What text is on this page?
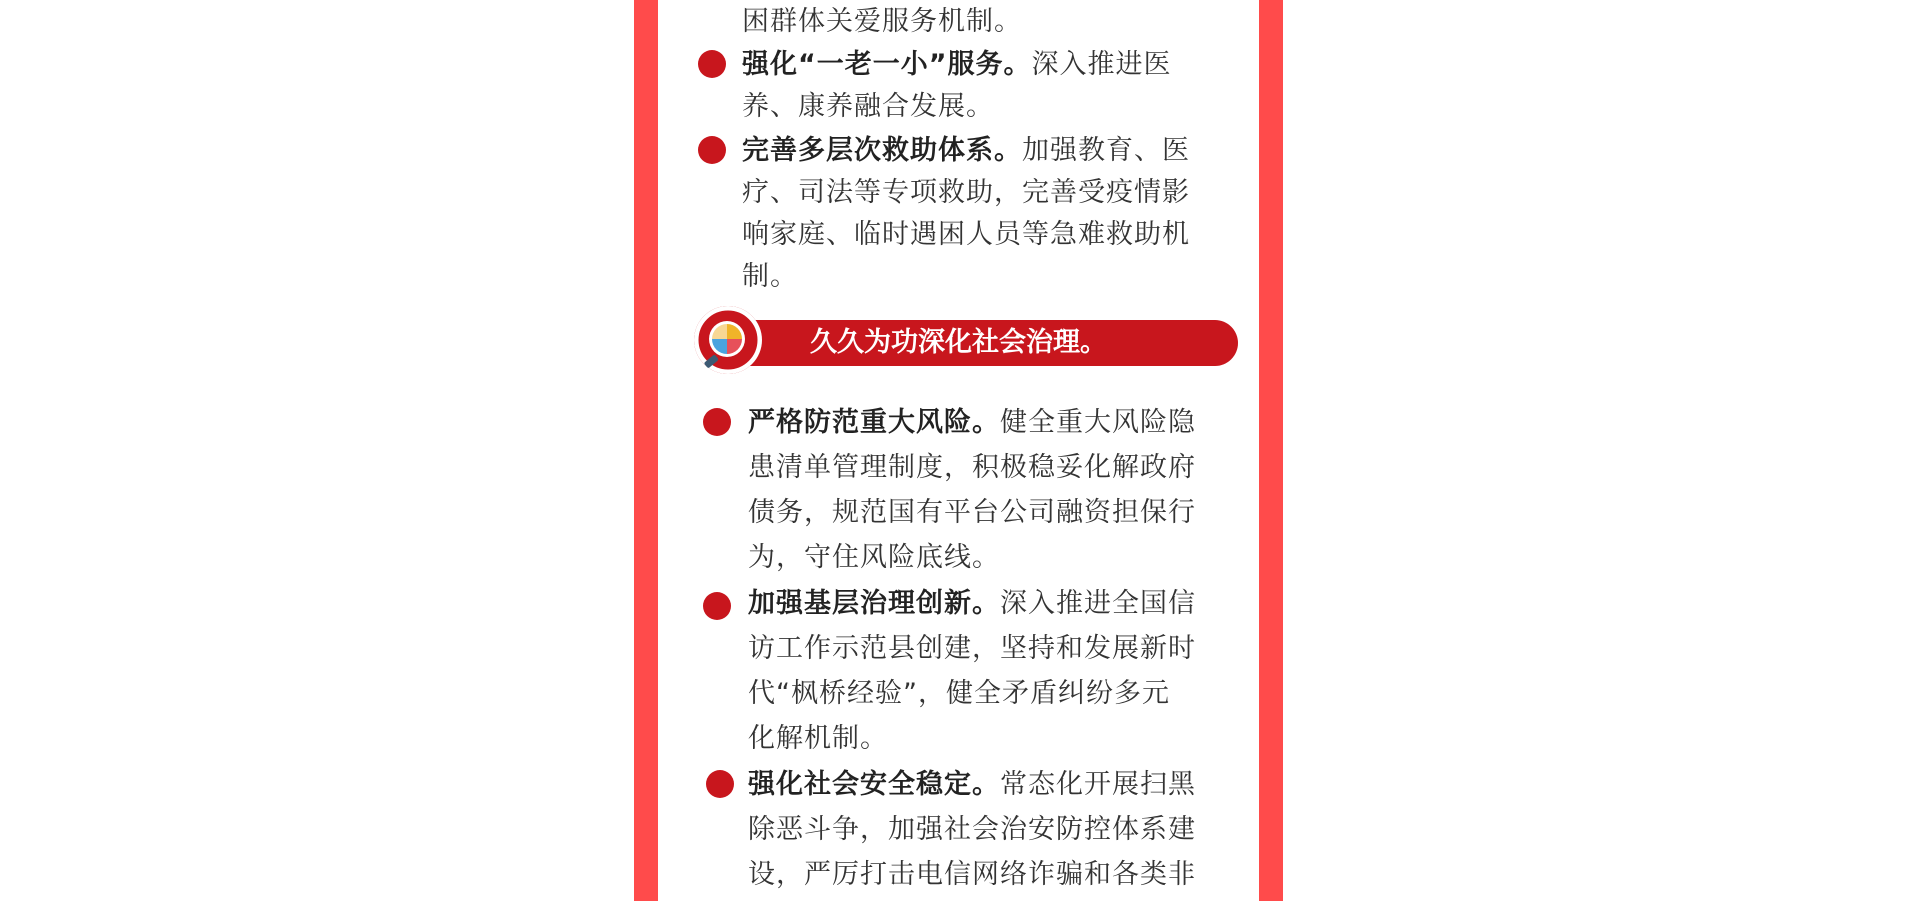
困群体关爱服务机制。
强化“一老一小”服务。深入推进医
养、康养融合发展。
完善多层次救助体系。加强教育、医
疗、司法等专项救助，完善受疫情影
响家庭、临时遇困人员等急难救助机
制。
久久为功深化社会治理。
严格防范重大风险。健全重大风险隐
患清单管理制度，积极稳妥化解政府
债务，规范国有平台公司融资担保行
为，守住风险底线。
加强基层治理创新。深入推进全国信
访工作示范县创建，坚持和发展新时
代“枫桥经验”，健全矛盾纠纷多元
化解机制。
强化社会安全稳定。常态化开展扫黑
除恶斗争，加强社会治安防控体系建
设，严厉打击电信网络诈骗和各类非
